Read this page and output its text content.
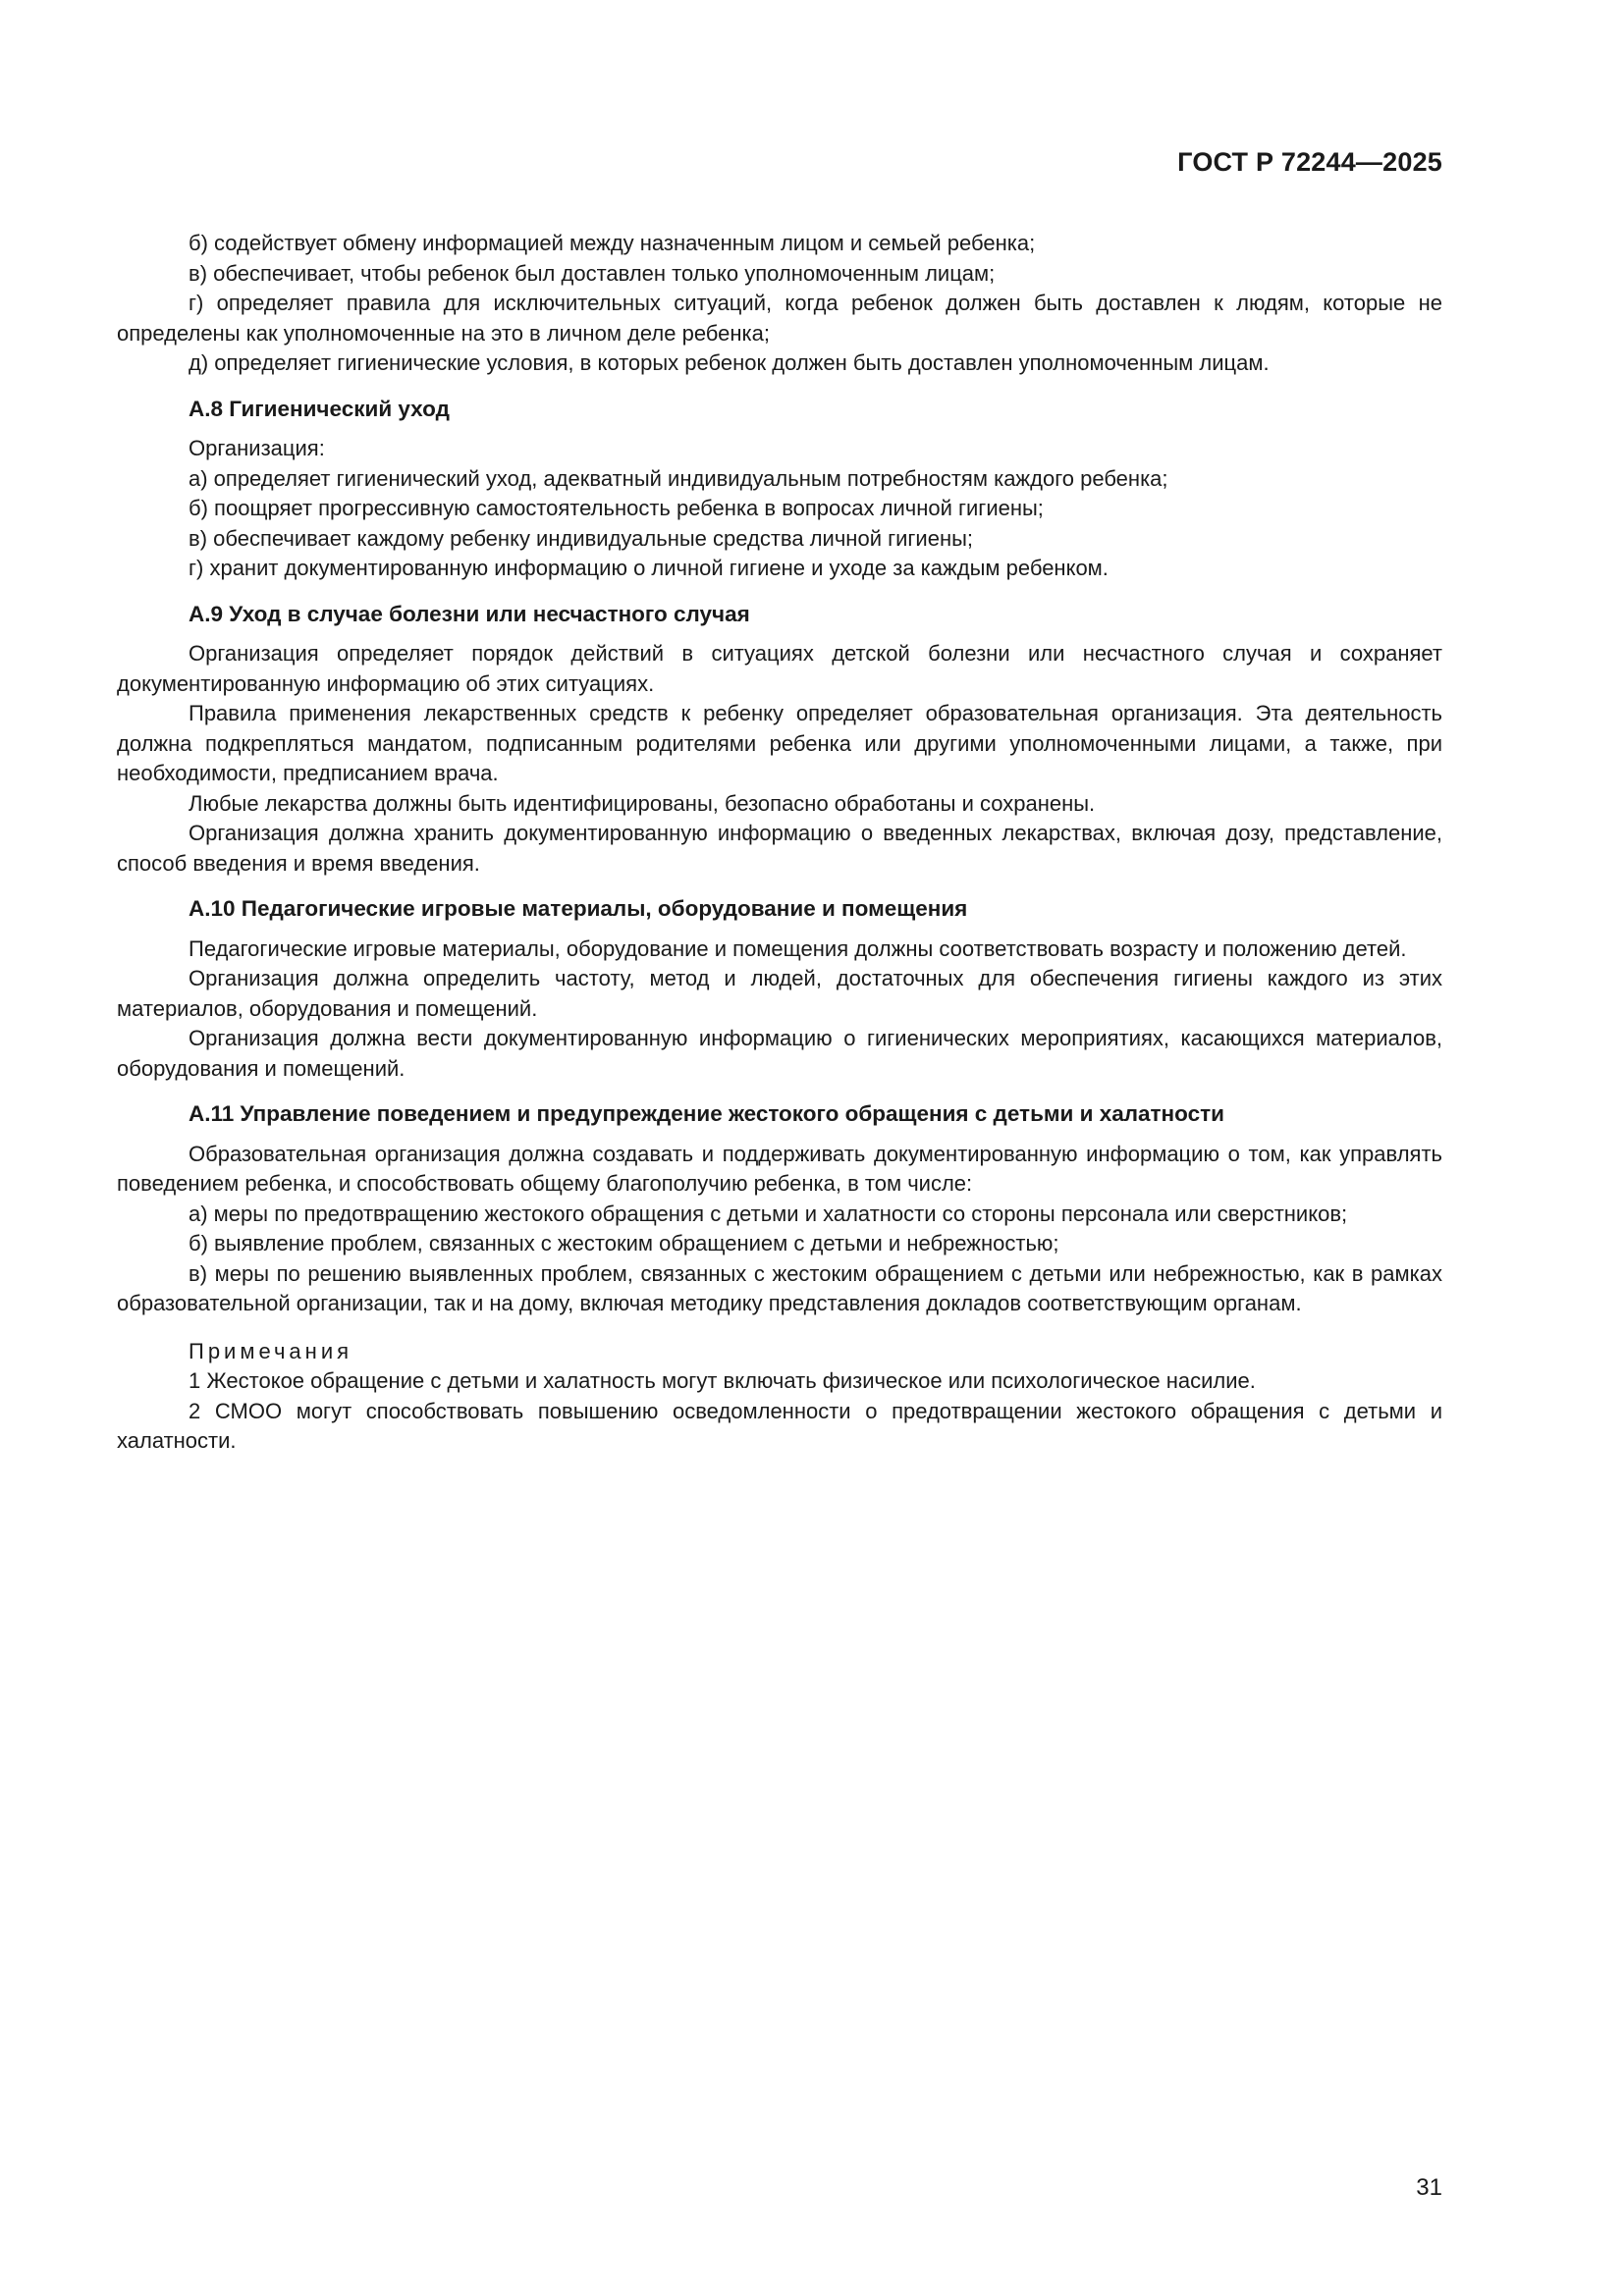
ГОСТ Р 72244—2025

б) содействует обмену информацией между назначенным лицом и семьей ребенка;

в) обеспечивает, чтобы ребенок был доставлен только уполномоченным лицам;

г) определяет правила для исключительных ситуаций, когда ребенок должен быть доставлен к людям, которые не определены как уполномоченные на это в личном деле ребенка;

д) определяет гигиенические условия, в которых ребенок должен быть доставлен уполномоченным лицам.

А.8 Гигиенический уход

Организация:

а) определяет гигиенический уход, адекватный индивидуальным потребностям каждого ребенка;

б) поощряет прогрессивную самостоятельность ребенка в вопросах личной гигиены;

в) обеспечивает каждому ребенку индивидуальные средства личной гигиены;

г) хранит документированную информацию о личной гигиене и уходе за каждым ребенком.

А.9 Уход в случае болезни или несчастного случая

Организация определяет порядок действий в ситуациях детской болезни или несчастного случая и сохраняет документированную информацию об этих ситуациях.

Правила применения лекарственных средств к ребенку определяет образовательная организация. Эта деятельность должна подкрепляться мандатом, подписанным родителями ребенка или другими уполномоченными лицами, а также, при необходимости, предписанием врача.

Любые лекарства должны быть идентифицированы, безопасно обработаны и сохранены.

Организация должна хранить документированную информацию о введенных лекарствах, включая дозу, представление, способ введения и время введения.

А.10 Педагогические игровые материалы, оборудование и помещения

Педагогические игровые материалы, оборудование и помещения должны соответствовать возрасту и положению детей.

Организация должна определить частоту, метод и людей, достаточных для обеспечения гигиены каждого из этих материалов, оборудования и помещений.

Организация должна вести документированную информацию о гигиенических мероприятиях, касающихся материалов, оборудования и помещений.

А.11 Управление поведением и предупреждение жестокого обращения с детьми и халатности

Образовательная организация должна создавать и поддерживать документированную информацию о том, как управлять поведением ребенка, и способствовать общему благополучию ребенка, в том числе:

а) меры по предотвращению жестокого обращения с детьми и халатности со стороны персонала или сверстников;

б) выявление проблем, связанных с жестоким обращением с детьми и небрежностью;

в) меры по решению выявленных проблем, связанных с жестоким обращением с детьми или небрежностью, как в рамках образовательной организации, так и на дому, включая методику представления докладов соответствующим органам.

Примечания

1 Жестокое обращение с детьми и халатность могут включать физическое или психологическое насилие.

2 СМОО могут способствовать повышению осведомленности о предотвращении жестокого обращения с детьми и халатности.

31
